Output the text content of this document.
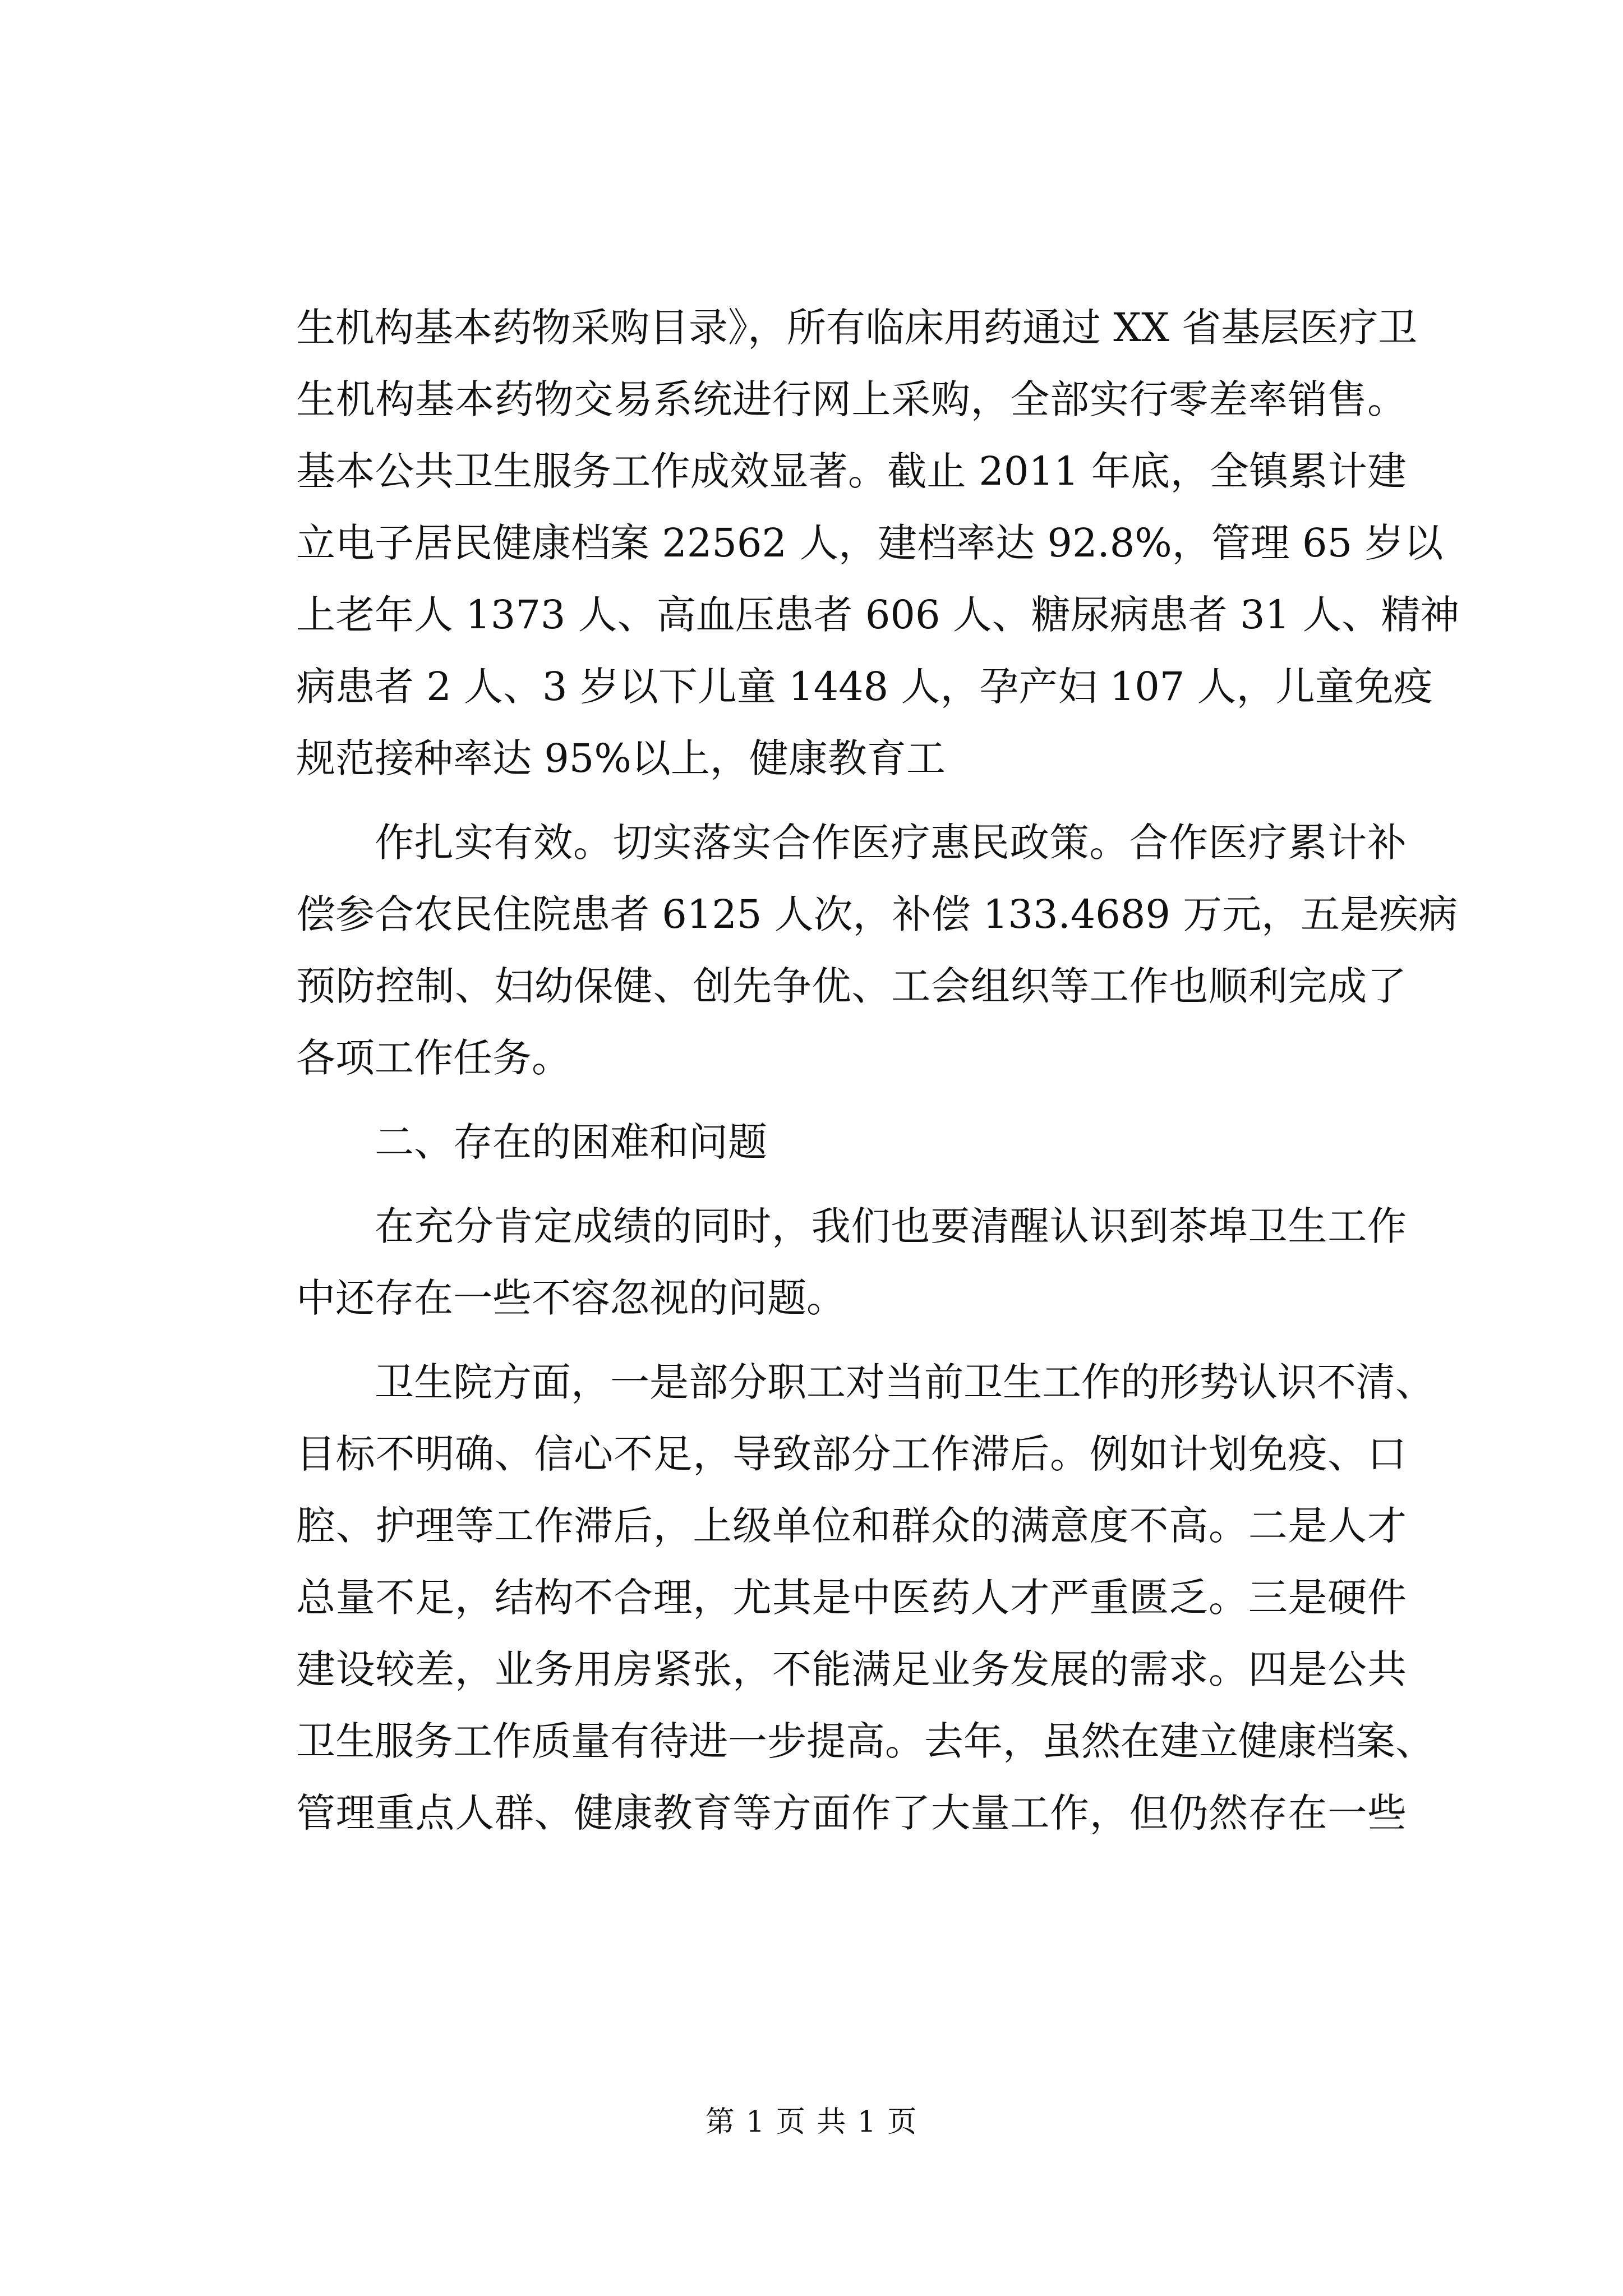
生机构基本药物采购目录》，所有临床用药通过 XX 省基层医疗卫
生机构基本药物交易系统进行网上采购，全部实行零差率销售。
基本公共卫生服务工作成效显著。截止 2011 年底，全镇累计建
立电子居民健康档案 22562 人，建档率达 92.8%，管理 65 岁以
上老年人 1373 人、高血压患者 606 人、糖尿病患者 31 人、精神
病患者 2 人、3 岁以下儿童 1448 人，孕产妇 107 人，儿童免疫
规范接种率达 95%以上，健康教育工
作扎实有效。切实落实合作医疗惠民政策。合作医疗累计补
偿参合农民住院患者 6125 人次，补偿 133.4689 万元，五是疾病
预防控制、妇幼保健、创先争优、工会组织等工作也顺利完成了
各项工作任务。
二、存在的困难和问题
在充分肯定成绩的同时，我们也要清醒认识到茶埠卫生工作
中还存在一些不容忽视的问题。
卫生院方面，一是部分职工对当前卫生工作的形势认识不清、
目标不明确、信心不足，导致部分工作滞后。例如计划免疫、口
腔、护理等工作滞后，上级单位和群众的满意度不高。二是人才
总量不足，结构不合理，尤其是中医药人才严重匮乏。三是硬件
建设较差，业务用房紧张，不能满足业务发展的需求。四是公共
卫生服务工作质量有待进一步提高。去年，虽然在建立健康档案、
管理重点人群、健康教育等方面作了大量工作，但仍然存在一些
第 1 页 共 1 页
